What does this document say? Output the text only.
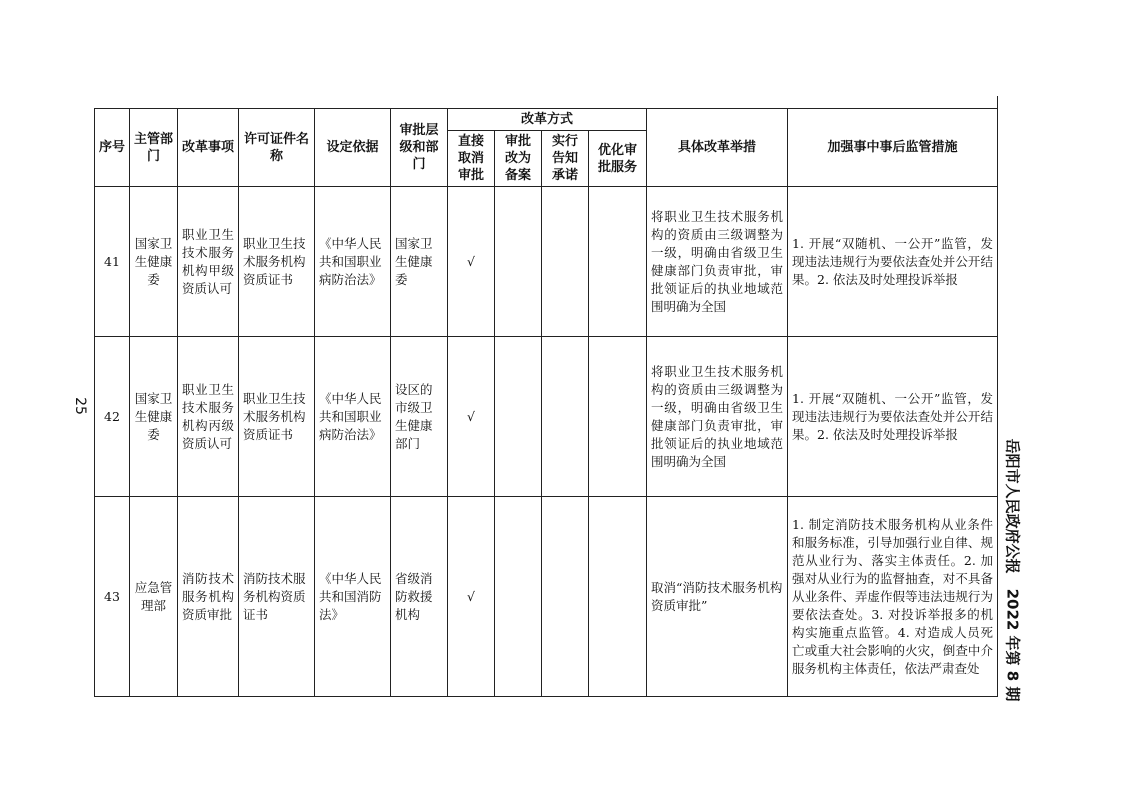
25
岳阳市人民政府公报　2022 年第 8 期
序号	主管部门	改革事项	许可证件名称	设定依据	审批层级和部门	改革方式				具体改革举措	加强事中事后监管措施
						直接取消审批	审批改为备案	实行告知承诺	优化审批服务		
41	国家卫生健康委	职业卫生技术服务机构甲级资质认可	职业卫生技术服务机构资质证书	《中华人民共和国职业病防治法》	国家卫生健康委	√				将职业卫生技术服务机构的资质由三级调整为一级，明确由省级卫生健康部门负责审批，审批领证后的执业地域范围明确为全国	1. 开展“双随机、一公开”监管，发现违法违规行为要依法查处并公开结果。2. 依法及时处理投诉举报
42	国家卫生健康委	职业卫生技术服务机构丙级资质认可	职业卫生技术服务机构资质证书	《中华人民共和国职业病防治法》	设区的市级卫生健康部门	√				将职业卫生技术服务机构的资质由三级调整为一级，明确由省级卫生健康部门负责审批，审批领证后的执业地域范围明确为全国	1. 开展“双随机、一公开”监管，发现违法违规行为要依法查处并公开结果。2. 依法及时处理投诉举报
43	应急管理部	消防技术服务机构资质审批	消防技术服务机构资质证书	《中华人民共和国消防法》	省级消防救援机构	√				取消“消防技术服务机构资质审批”	1. 制定消防技术服务机构从业条件和服务标准，引导加强行业自律、规范从业行为、落实主体责任。2. 加强对从业行为的监督抽查，对不具备从业条件、弄虚作假等违法违规行为要依法查处。3. 对投诉举报多的机构实施重点监管。4. 对造成人员死亡或重大社会影响的火灾，倒查中介服务机构主体责任，依法严肃查处
